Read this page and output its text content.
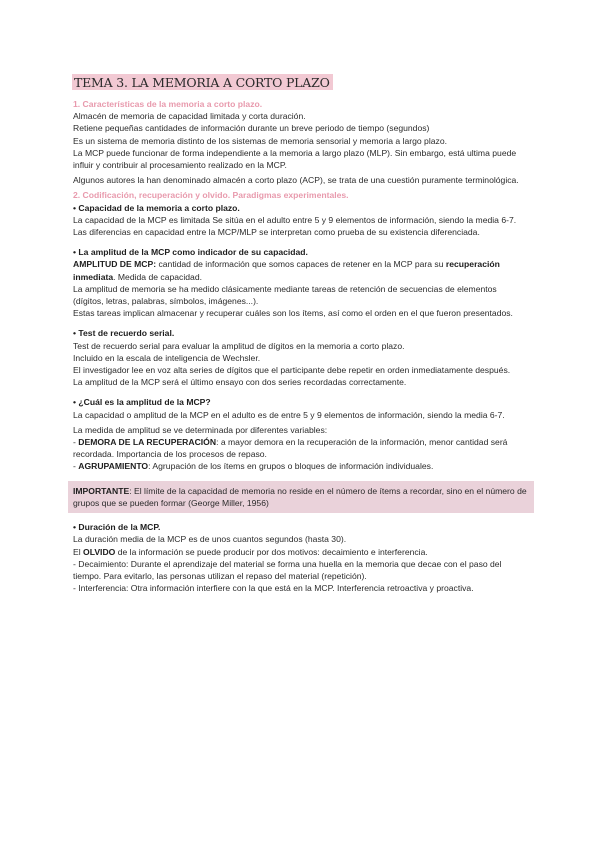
TEMA 3. LA MEMORIA A CORTO PLAZO

1. Características de la memoria a corto plazo.

Almacén de memoria de capacidad limitada y corta duración.

Retiene pequeñas cantidades de información durante un breve periodo de tiempo (segundos)

Es un sistema de memoria distinto de los sistemas de memoria sensorial y memoria a largo plazo.

La MCP puede funcionar de forma independiente a la memoria a largo plazo (MLP). Sin embargo, está ultima puede influir y contribuir al procesamiento realizado en la MCP.

Algunos autores la han denominado almacén a corto plazo (ACP), se trata de una cuestión puramente terminológica.

2. Codificación, recuperación y olvido. Paradigmas experimentales.

• Capacidad de la memoria a corto plazo.

La capacidad de la MCP es limitada Se sitúa en el adulto entre 5 y 9 elementos de información, siendo la media 6-7.

Las diferencias en capacidad entre la MCP/MLP se interpretan como prueba de su existencia diferenciada.

• La amplitud de la MCP como indicador de su capacidad.

AMPLITUD DE MCP: cantidad de información que somos capaces de retener en la MCP para su recuperación inmediata. Medida de capacidad.

La amplitud de memoria se ha medido clásicamente mediante tareas de retención de secuencias de elementos (dígitos, letras, palabras, símbolos, imágenes...).

Estas tareas implican almacenar y recuperar cuáles son los ítems, así como el orden en el que fueron presentados.

• Test de recuerdo serial.

Test de recuerdo serial para evaluar la amplitud de dígitos en la memoria a corto plazo.

Incluido en la escala de inteligencia de Wechsler.

El investigador lee en voz alta series de dígitos que el participante debe repetir en orden inmediatamente después.

La amplitud de la MCP será el último ensayo con dos series recordadas correctamente.

• ¿Cuál es la amplitud de la MCP?

La capacidad o amplitud de la MCP en el adulto es de entre 5 y 9 elementos de información, siendo la media 6-7.

La medida de amplitud se ve determinada por diferentes variables:

- DEMORA DE LA RECUPERACIÓN: a mayor demora en la recuperación de la información, menor cantidad será recordada. Importancia de los procesos de repaso.

- AGRUPAMIENTO: Agrupación de los ítems en grupos o bloques de información individuales.

IMPORTANTE: El límite de la capacidad de memoria no reside en el número de ítems a recordar, sino en el número de grupos que se pueden formar (George Miller, 1956)

• Duración de la MCP.

La duración media de la MCP es de unos cuantos segundos (hasta 30).

El OLVIDO de la información se puede producir por dos motivos: decaimiento e interferencia.

- Decaimiento: Durante el aprendizaje del material se forma una huella en la memoria que decae con el paso del tiempo. Para evitarlo, las personas utilizan el repaso del material (repetición).

- Interferencia: Otra información interfiere con la que está en la MCP. Interferencia retroactiva y proactiva.
